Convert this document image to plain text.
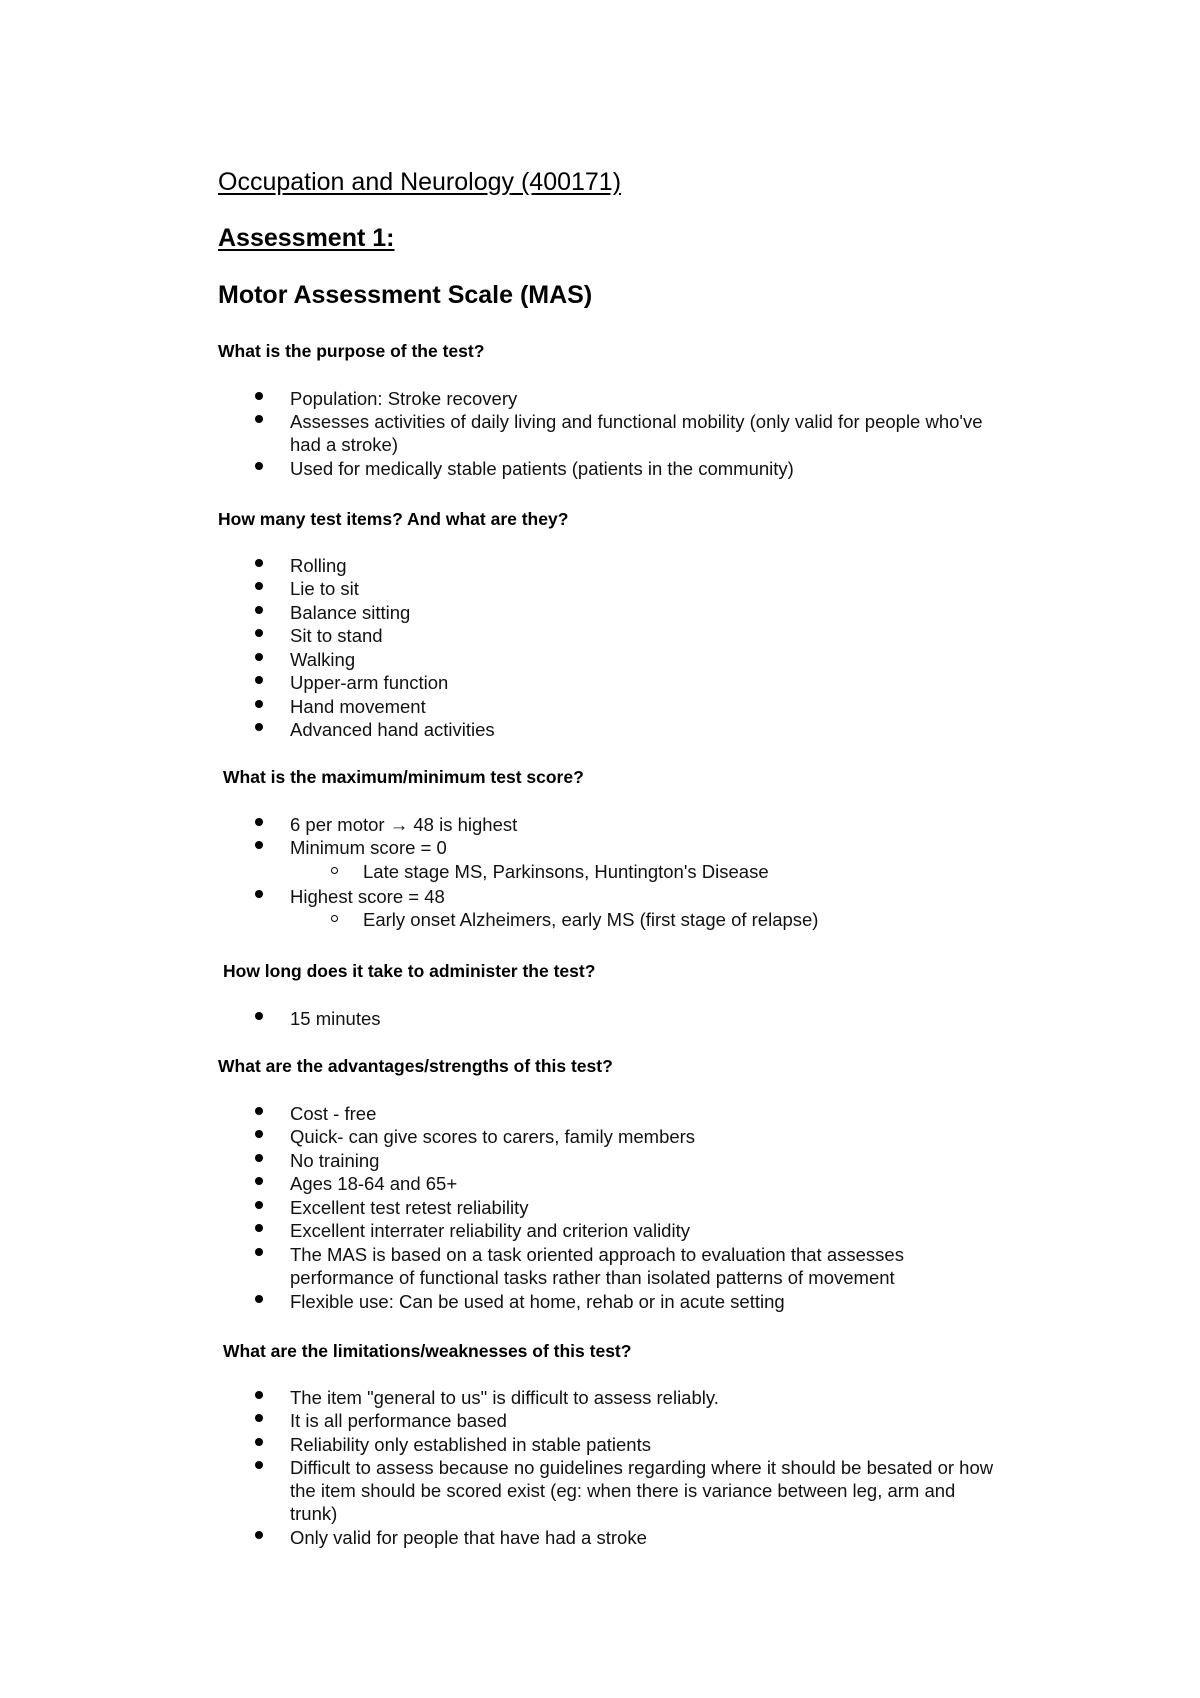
Occupation and Neurology (400171)
Assessment 1:
Motor Assessment Scale (MAS)
What is the purpose of the test?
Population: Stroke recovery
Assesses activities of daily living and functional mobility (only valid for people who've
had a stroke)
Used for medically stable patients (patients in the community)
How many test items? And what are they?
Rolling
Lie to sit
Balance sitting
Sit to stand
Walking
Upper-arm function
Hand movement
Advanced hand activities
What is the maximum/minimum test score?
6 per motor → 48 is highest
Minimum score = 0
Late stage MS, Parkinsons, Huntington's Disease
Highest score = 48
Early onset Alzheimers, early MS (first stage of relapse)
How long does it take to administer the test?
15 minutes
What are the advantages/strengths of this test?
Cost - free
Quick- can give scores to carers, family members
No training
Ages 18-64 and 65+
Excellent test retest reliability
Excellent interrater reliability and criterion validity
The MAS is based on a task oriented approach to evaluation that assesses
performance of functional tasks rather than isolated patterns of movement
Flexible use: Can be used at home, rehab or in acute setting
What are the limitations/weaknesses of this test?
The item "general to us" is difficult to assess reliably.
It is all performance based
Reliability only established in stable patients
Difficult to assess because no guidelines regarding where it should be besated or how
the item should be scored exist (eg: when there is variance between leg, arm and
trunk)
Only valid for people that have had a stroke
